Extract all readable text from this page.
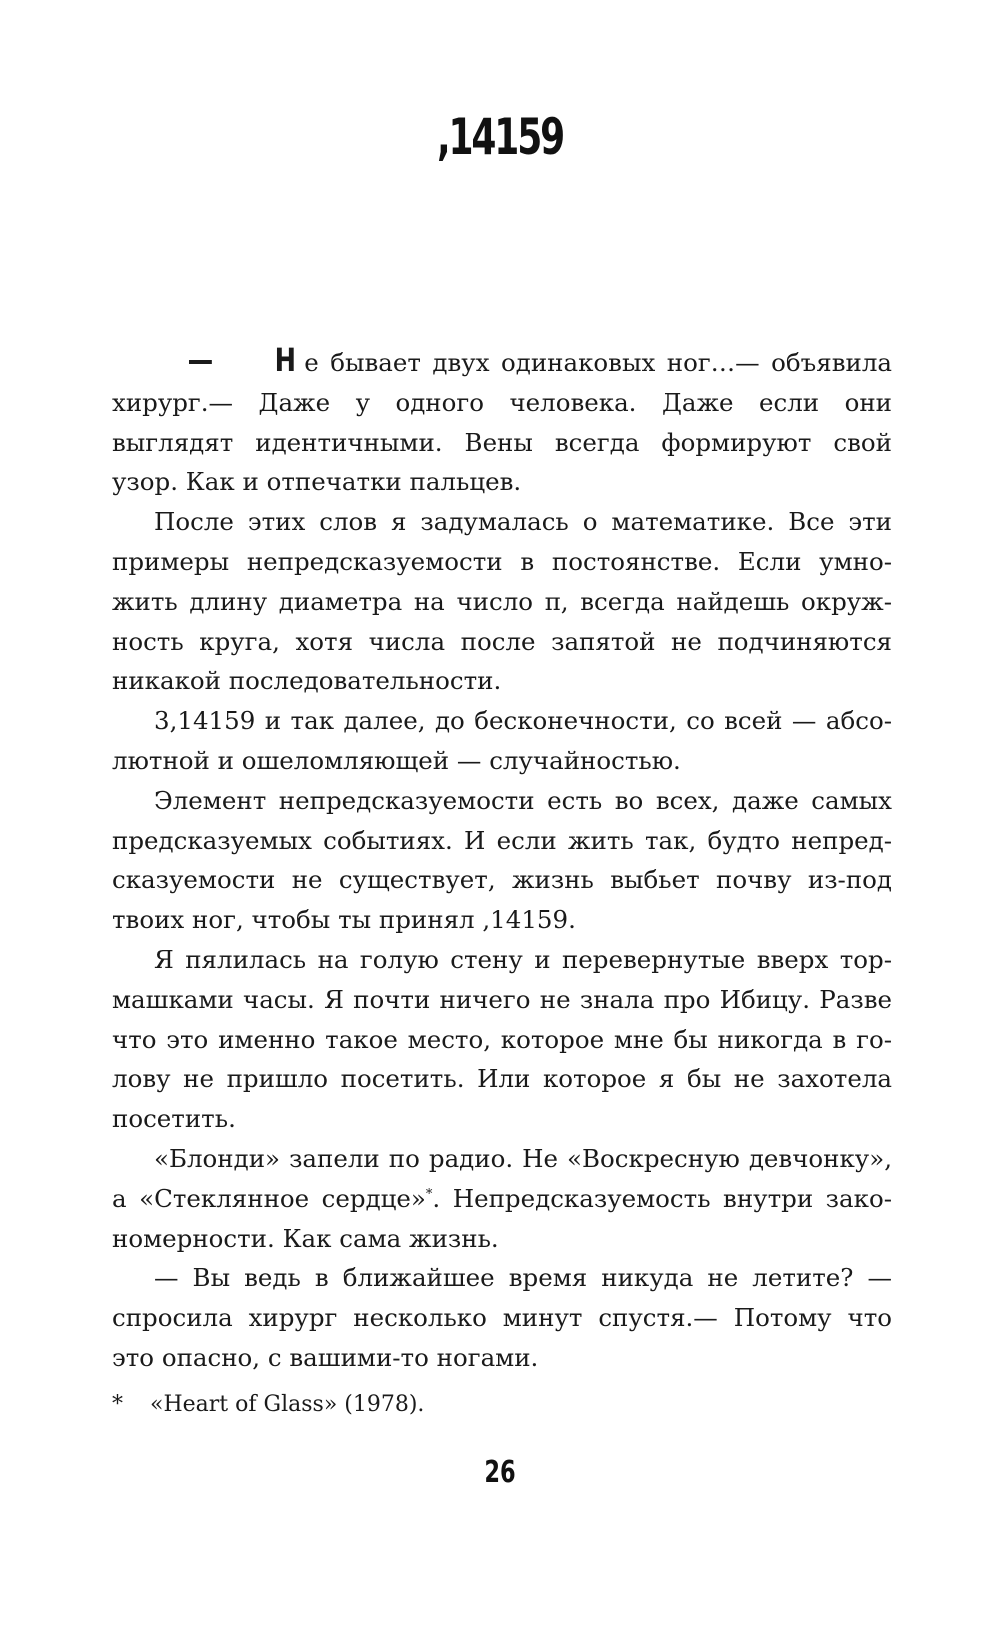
,14159

— Н е бывает двух одинаковых ног…— объявила хирург.— Даже у одного человека. Даже если они выглядят идентичными. Вены всегда формируют свой узор. Как и отпечатки пальцев.

После этих слов я задумалась о математике. Все эти примеры непредсказуемости в постоянстве. Если умножить длину диаметра на число π, всегда найдешь окружность круга, хотя числа после запятой не подчиняются никакой последовательности.

3,14159 и так далее, до бесконечности, со всей — абсолютной и ошеломляющей — случайностью.

Элемент непредсказуемости есть во всех, даже самых предсказуемых событиях. И если жить так, будто непредсказуемости не существует, жизнь выбьет почву из-под твоих ног, чтобы ты принял ,14159.

Я пялилась на голую стену и перевернутые вверх тормашками часы. Я почти ничего не знала про Ибицу. Разве что это именно такое место, которое мне бы никогда в голову не пришло посетить. Или которое я бы не захотела посетить.

«Блонди» запели по радио. Не «Воскресную девчонку», а «Стеклянное сердце»*. Непредсказуемость внутри закономерности. Как сама жизнь.

— Вы ведь в ближайшее время никуда не летите? — спросила хирург несколько минут спустя.— Потому что это опасно, с вашими-то ногами.

* «Heart of Glass» (1978).
26
